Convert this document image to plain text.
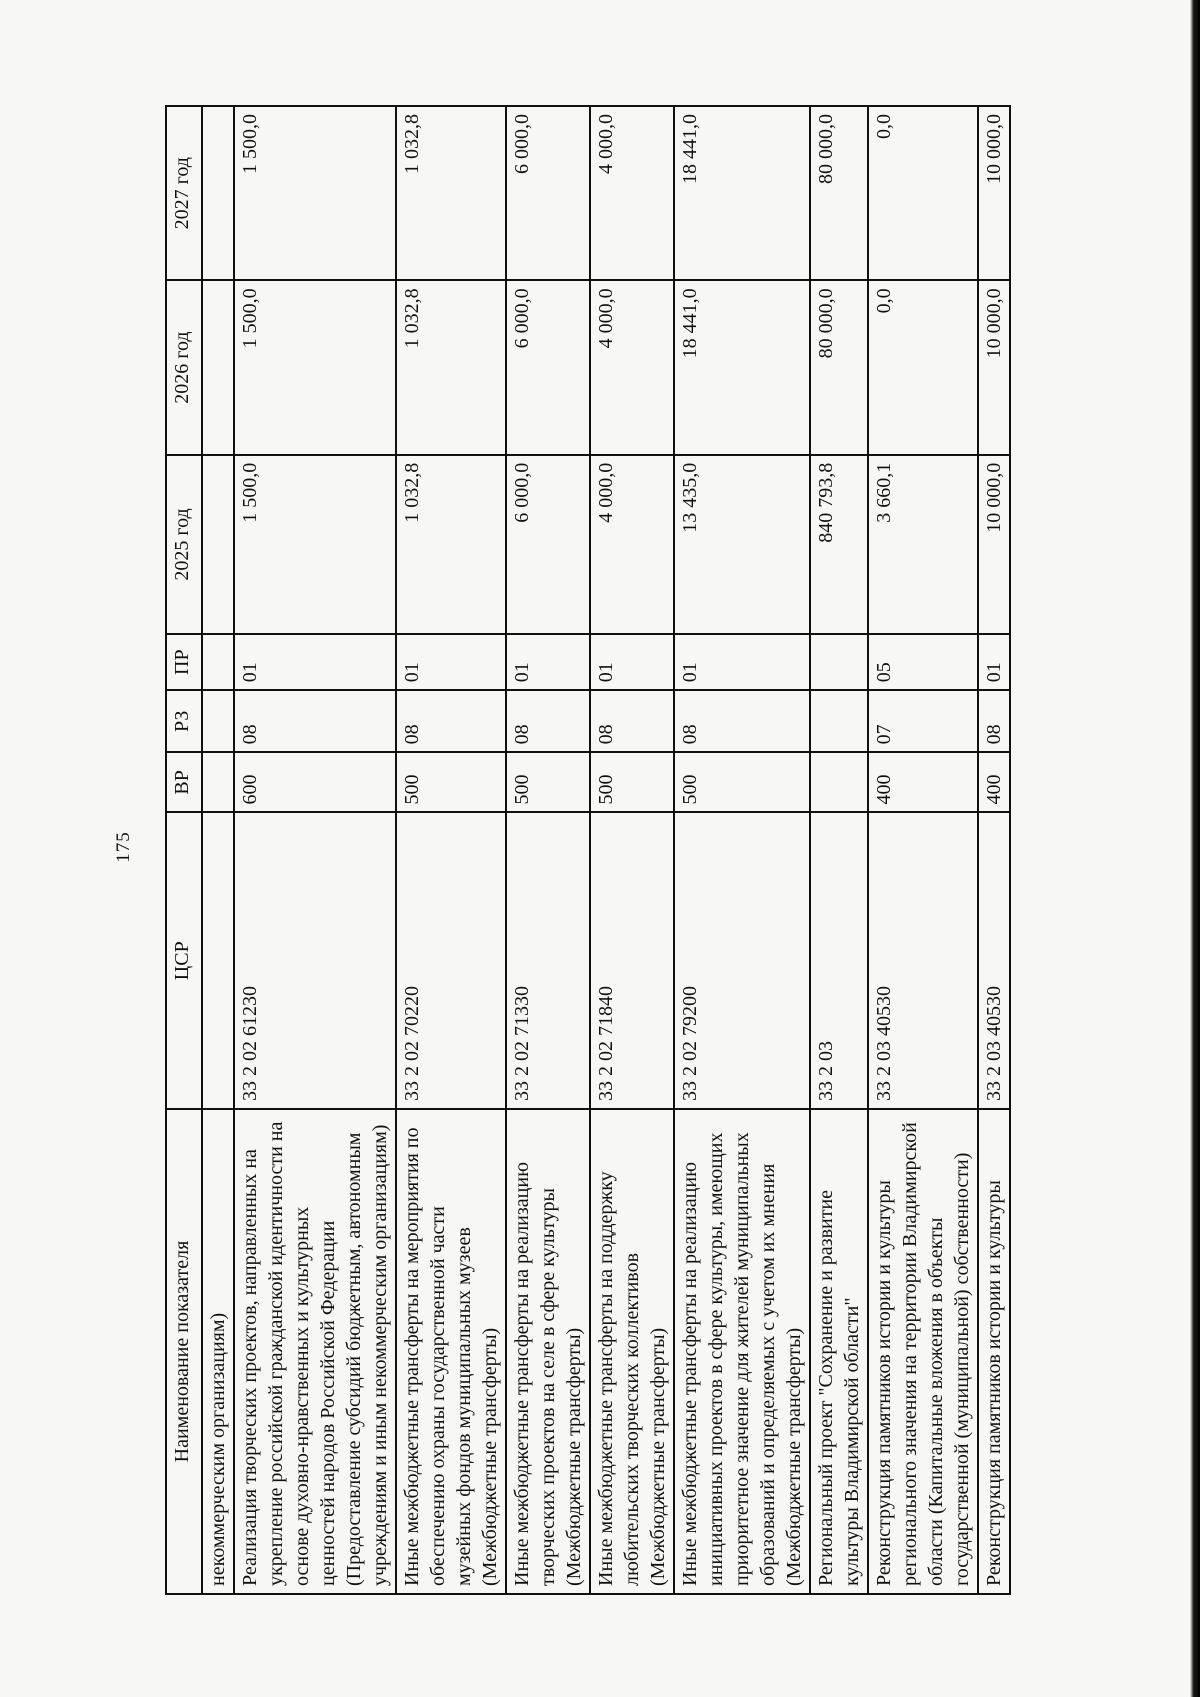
175
Наименование показателя	ЦСР	ВР	РЗ	ПР	2025 год	2026 год	2027 год
некоммерческим организациям)							
Реализация творческих проектов, направленных на укрепление российской гражданской идентичности на основе духовно-нравственных и культурных ценностей народов Российской Федерации (Предоставление субсидий бюджетным, автономным учреждениям и иным некоммерческим организациям)	33 2 02 61230	600	08	01	1 500,0	1 500,0	1 500,0
Иные межбюджетные трансферты на мероприятия по обеспечению охраны государственной части музейных фондов муниципальных музеев (Межбюджетные трансферты)	33 2 02 70220	500	08	01	1 032,8	1 032,8	1 032,8
Иные межбюджетные трансферты на реализацию творческих проектов на селе в сфере культуры (Межбюджетные трансферты)	33 2 02 71330	500	08	01	6 000,0	6 000,0	6 000,0
Иные межбюджетные трансферты на поддержку любительских творческих коллективов (Межбюджетные трансферты)	33 2 02 71840	500	08	01	4 000,0	4 000,0	4 000,0
Иные межбюджетные трансферты на реализацию инициативных проектов в сфере культуры, имеющих приоритетное значение для жителей муниципальных образований и определяемых с учетом их мнения (Межбюджетные трансферты)	33 2 02 79200	500	08	01	13 435,0	18 441,0	18 441,0
Региональный проект "Сохранение и развитие культуры Владимирской области"	33 2 03				840 793,8	80 000,0	80 000,0
Реконструкция памятников истории и культуры регионального значения на территории Владимирской области (Капитальные вложения в объекты государственной (муниципальной) собственности)	33 2 03 40530	400	07	05	3 660,1	0,0	0,0
Реконструкция памятников истории и культуры	33 2 03 40530	400	08	01	10 000,0	10 000,0	10 000,0
